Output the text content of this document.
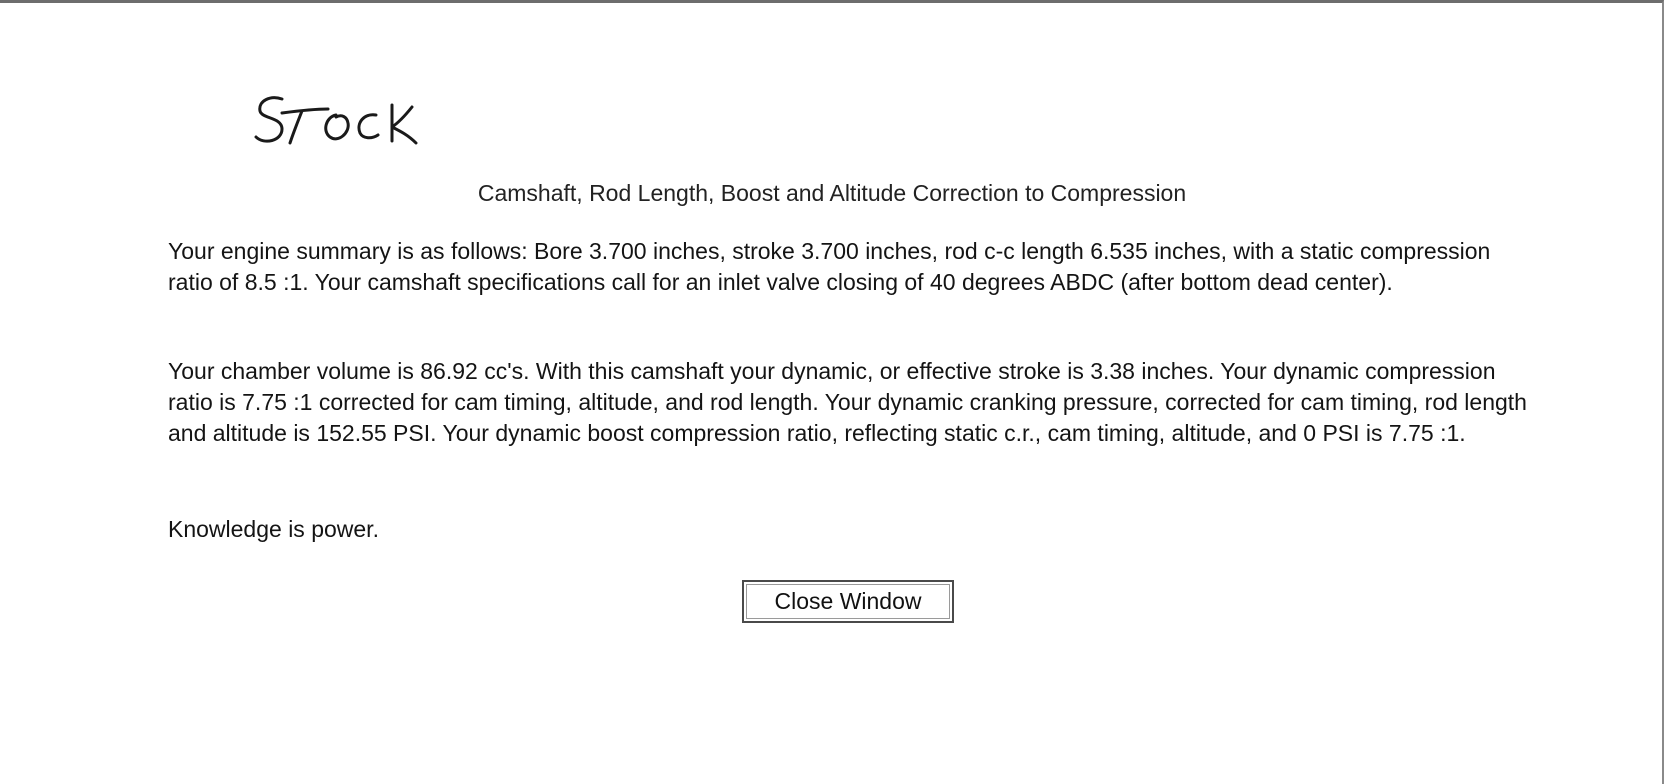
Camshaft, Rod Length, Boost and Altitude Correction to Compression
Your engine summary is as follows: Bore 3.700 inches, stroke 3.700 inches, rod c-c length 6.535 inches, with a static compression ratio of 8.5 :1. Your camshaft specifications call for an inlet valve closing of 40 degrees ABDC (after bottom dead center).
Your chamber volume is 86.92 cc's. With this camshaft your dynamic, or effective stroke is 3.38 inches. Your dynamic compression ratio is 7.75 :1 corrected for cam timing, altitude, and rod length. Your dynamic cranking pressure, corrected for cam timing, rod length and altitude is 152.55 PSI. Your dynamic boost compression ratio, reflecting static c.r., cam timing, altitude, and 0 PSI is 7.75 :1.
Knowledge is power.
Close Window
